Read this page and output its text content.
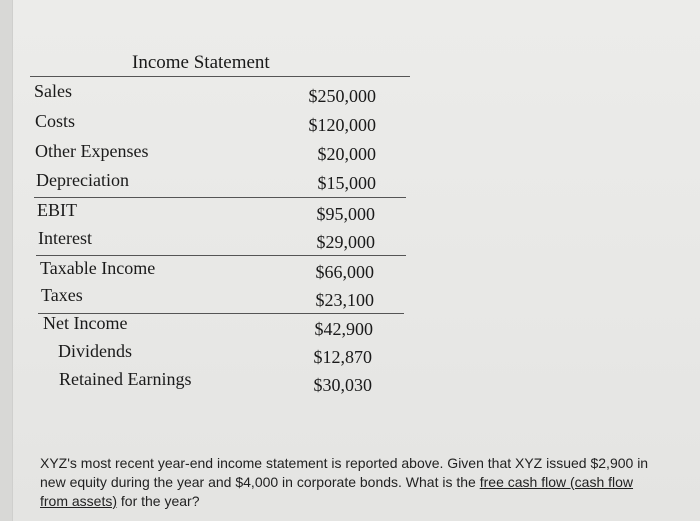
Income Statement
Sales
Costs
Other Expenses
Depreciation
EBIT
Interest
Taxable Income
Taxes
Net Income
Dividends
Retained Earnings
$250,000
$120,000
$20,000
$15,000
$95,000
$29,000
$66,000
$23,100
$42,900
$12,870
$30,030
XYZ's most recent year-end income statement is reported above. Given that XYZ issued $2,900 in new equity during the year and $4,000 in corporate bonds. What is the free cash flow (cash flow from assets) for the year?
